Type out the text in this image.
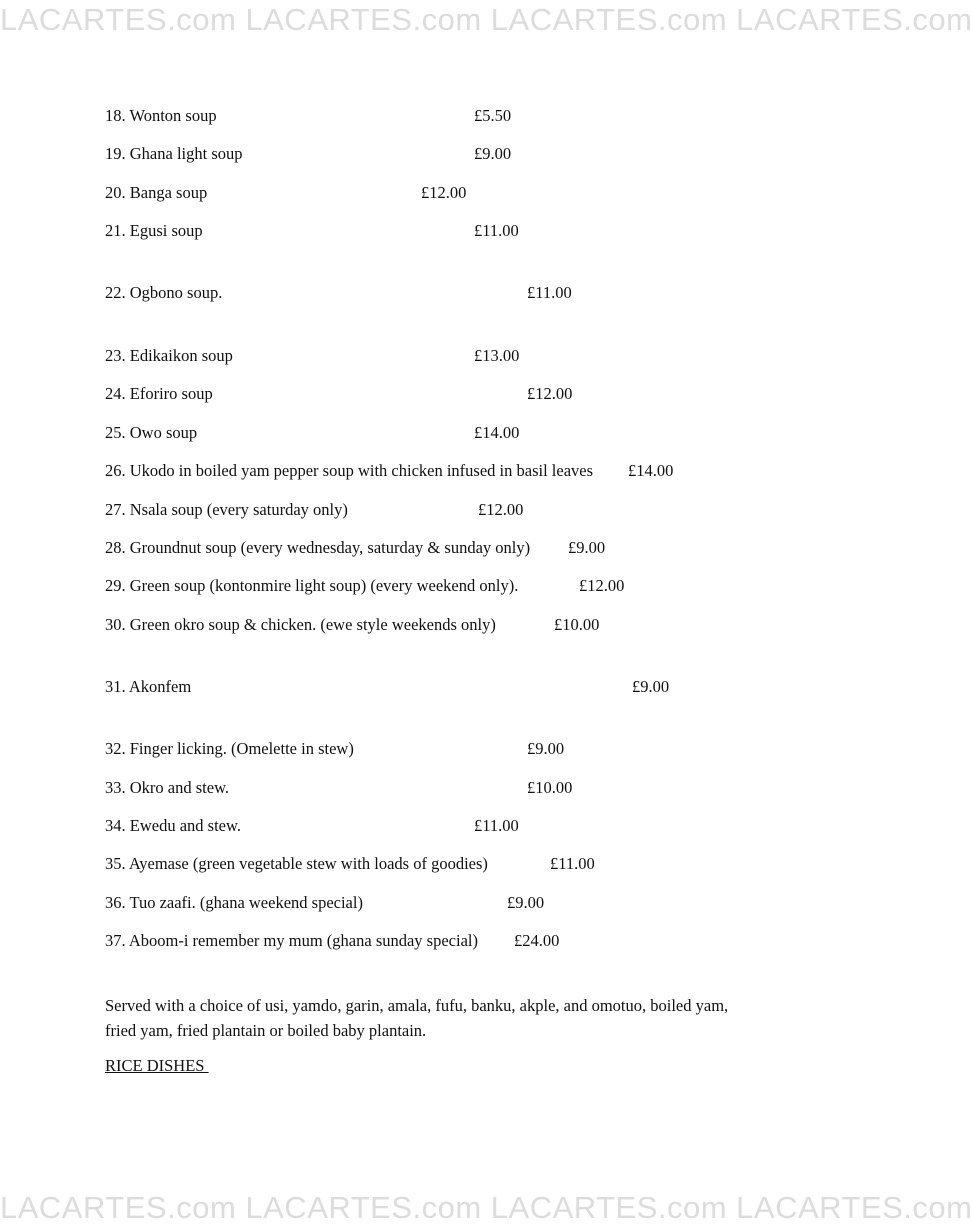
LACARTES.com LACARTES.com LACARTES.com LACARTES.com
18. Wonton soup	£5.50
19. Ghana light soup	£9.00
20. Banga soup	£12.00
21. Egusi soup	£11.00
22. Ogbono soup.	£11.00
23. Edikaikon soup	£13.00
24. Eforiro soup	£12.00
25. Owo soup	£14.00
26. Ukodo in boiled yam pepper soup with chicken infused in basil leaves £14.00
27. Nsala soup (every saturday only)	£12.00
28. Groundnut soup (every wednesday, saturday & sunday only) £9.00
29. Green soup (kontonmire light soup) (every weekend only).	£12.00
30. Green okro soup & chicken. (ewe style weekends only)	£10.00
31. Akonfem	£9.00
32. Finger licking. (Omelette in stew)	£9.00
33. Okro and stew.	£10.00
34. Ewedu and stew.	£11.00
35. Ayemase (green vegetable stew with loads of goodies)	£11.00
36. Tuo zaafi. (ghana weekend special)	£9.00
37. Aboom-i remember my mum (ghana sunday special) £24.00
Served with a choice of usi, yamdo, garin, amala, fufu, banku, akple, and omotuo, boiled yam, fried yam, fried plantain or boiled baby plantain.
RICE DISHES
LACARTES.com LACARTES.com LACARTES.com LACARTES.com
